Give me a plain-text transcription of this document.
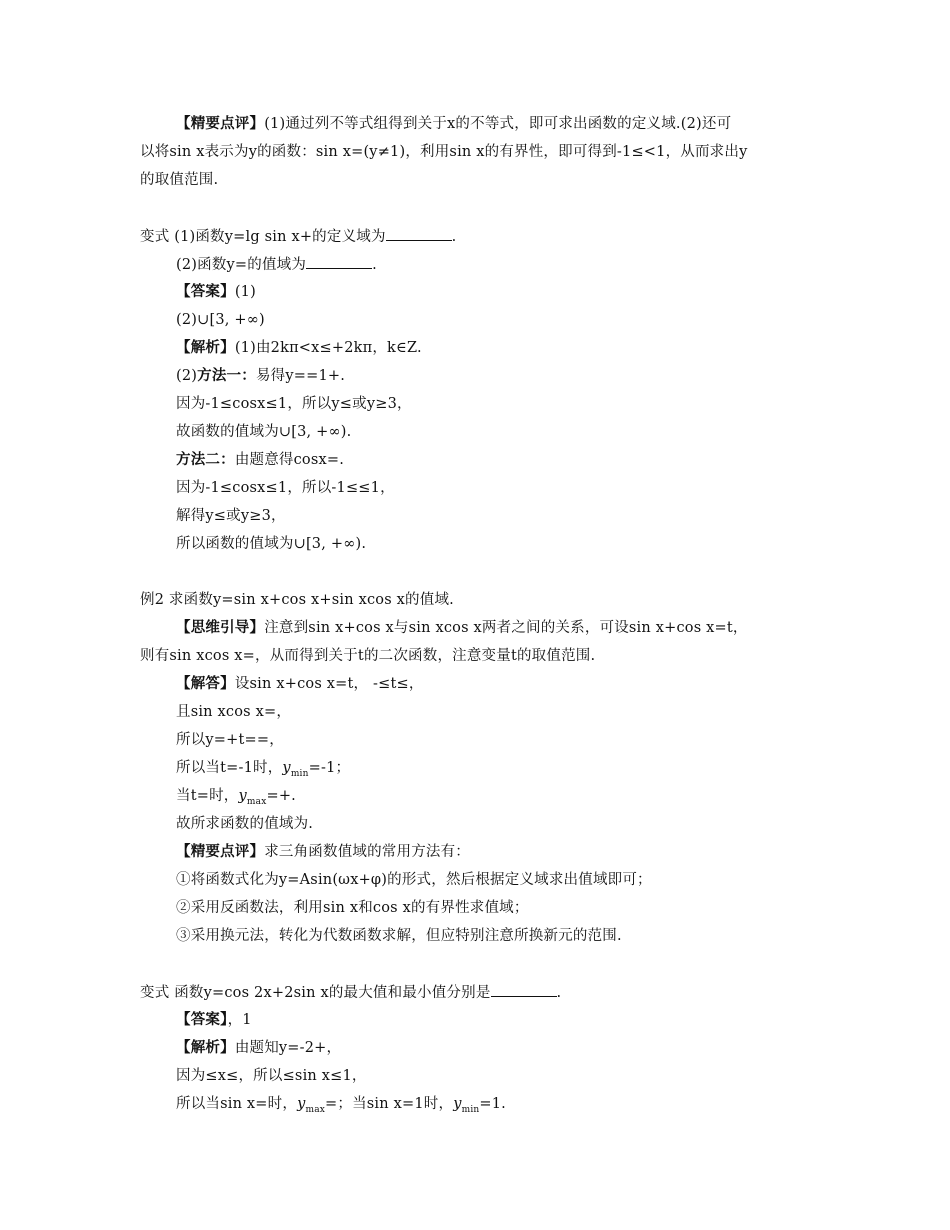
【精要点评】(1)通过列不等式组得到关于x的不等式，即可求出函数的定义域.(2)还可
以将sin x表示为y的函数：sin x=(y≠1)，利用sin x的有界性，即可得到-1≤<1，从而求出y
的取值范围.
变式 (1)函数y=lg sin x+的定义域为	.
(2)函数y=的值域为	.
【答案】(1)
(2)∪[3, +∞)
【解析】(1)由2kπ<x≤+2kπ，k∈Z.
(2)方法一：易得y==1+.
因为-1≤cosx≤1，所以y≤或y≥3，
故函数的值域为∪[3, +∞).
方法二：由题意得cosx=.
因为-1≤cosx≤1，所以-1≤≤1，
解得y≤或y≥3，
所以函数的值域为∪[3, +∞).
例2 求函数y=sin x+cos x+sin xcos x的值域.
【思维引导】注意到sin x+cos x与sin xcos x两者之间的关系，可设sin x+cos x=t，
则有sin xcos x=，从而得到关于t的二次函数，注意变量t的取值范围.
【解答】设sin x+cos x=t， -≤t≤，
且sin xcos x=，
所以y=+t==，
所以当t=-1时，$y_{min}=-1$；
当t=时，$y_{max}=+$.
故所求函数的值域为.
【精要点评】求三角函数值域的常用方法有：
①将函数式化为y=Asin(ωx+φ)的形式，然后根据定义域求出值域即可；
②采用反函数法，利用sin x和cos x的有界性求值域；
③采用换元法，转化为代数函数求解，但应特别注意所换新元的范围.
变式 函数y=cos 2x+2sin x的最大值和最小值分别是	.
【答案】，1
【解析】由题知y=-2+，
因为≤x≤，所以≤sin x≤1，
所以当sin x=时，$y_{max}=$；当sin x=1时，$y_{min}=1$.
